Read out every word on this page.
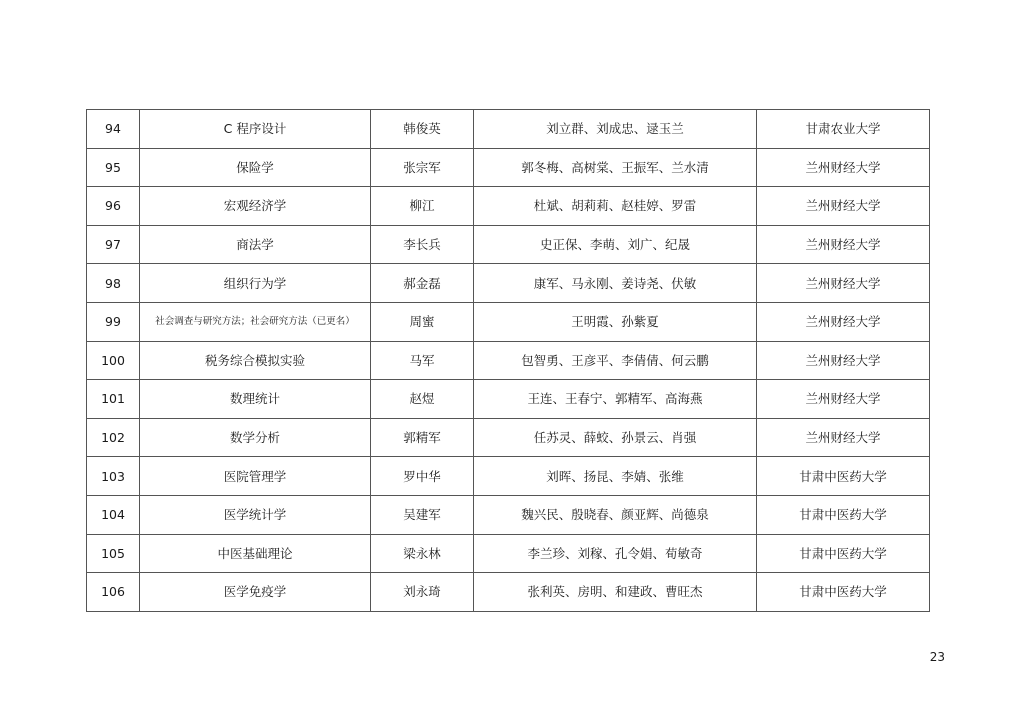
94	C 程序设计	韩俊英	刘立群、刘成忠、逯玉兰	甘肃农业大学
95	保险学	张宗军	郭冬梅、高树棠、王振军、兰水清	兰州财经大学
96	宏观经济学	柳江	杜斌、胡莉莉、赵桂婷、罗雷	兰州财经大学
97	商法学	李长兵	史正保、李萌、刘广、纪晟	兰州财经大学
98	组织行为学	郝金磊	康军、马永刚、姜诗尧、伏敏	兰州财经大学
99	社会调查与研究方法；社会研究方法（已更名）	周蜜	王明霞、孙紫夏	兰州财经大学
100	税务综合模拟实验	马军	包智勇、王彦平、李倩倩、何云鹏	兰州财经大学
101	数理统计	赵煜	王连、王春宁、郭精军、高海燕	兰州财经大学
102	数学分析	郭精军	任苏灵、薛蛟、孙景云、肖强	兰州财经大学
103	医院管理学	罗中华	刘晖、扬昆、李婧、张维	甘肃中医药大学
104	医学统计学	吴建军	魏兴民、殷晓春、颜亚辉、尚德泉	甘肃中医药大学
105	中医基础理论	梁永林	李兰珍、刘稼、孔令娟、荀敏奇	甘肃中医药大学
106	医学免疫学	刘永琦	张利英、房明、和建政、曹旺杰	甘肃中医药大学
23
